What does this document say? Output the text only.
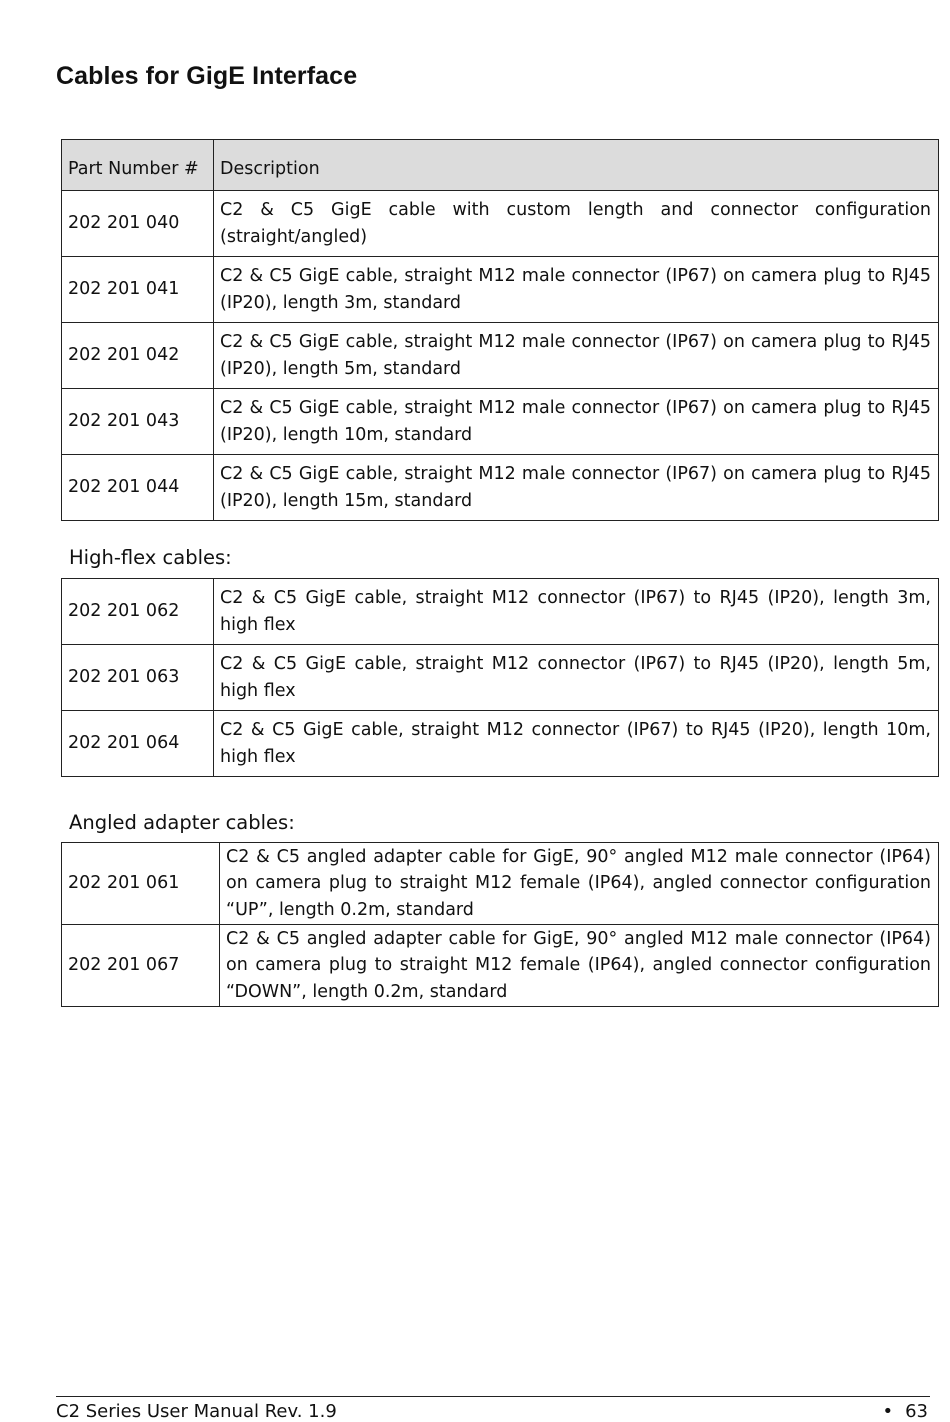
Cables for GigE Interface
Part Number #	Description
202 201 040	C2 & C5 GigE cable with custom length and connector configuration (straight/angled)
202 201 041	C2 & C5 GigE cable, straight M12 male connector (IP67) on camera plug to RJ45 (IP20), length 3m, standard
202 201 042	C2 & C5 GigE cable, straight M12 male connector (IP67) on camera plug to RJ45 (IP20), length 5m, standard
202 201 043	C2 & C5 GigE cable, straight M12 male connector (IP67) on camera plug to RJ45 (IP20), length 10m, standard
202 201 044	C2 & C5 GigE cable, straight M12 male connector (IP67) on camera plug to RJ45 (IP20), length 15m, standard

High-flex cables:

202 201 062	C2 & C5 GigE cable, straight M12 connector (IP67) to RJ45 (IP20), length 3m, high flex
202 201 063	C2 & C5 GigE cable, straight M12 connector (IP67) to RJ45 (IP20), length 5m, high flex
202 201 064	C2 & C5 GigE cable, straight M12 connector (IP67) to RJ45 (IP20), length 10m, high flex

Angled adapter cables:

202 201 061	C2 & C5 angled adapter cable for GigE, 90° angled M12 male connector (IP64) on camera plug to straight M12 female (IP64), angled connector configuration “UP”, length 0.2m, standard
202 201 067	C2 & C5 angled adapter cable for GigE, 90° angled M12 male connector (IP64) on camera plug to straight M12 female (IP64), angled connector configuration “DOWN”, length 0.2m, standard
C2 Series User Manual Rev. 1.9	• 63
